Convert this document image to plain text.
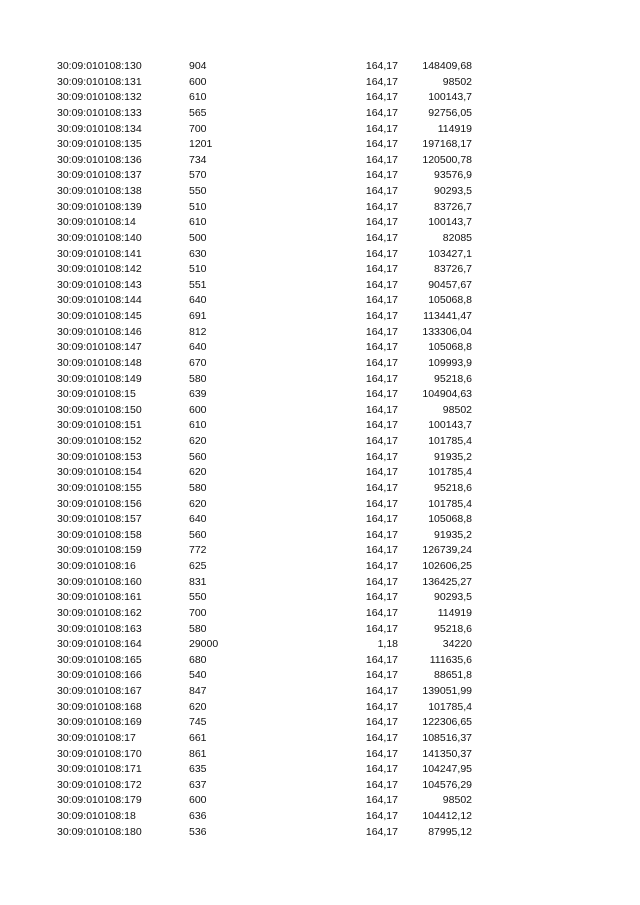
30:09:010108:130	904	164,17	148409,68
30:09:010108:131	600	164,17	98502
30:09:010108:132	610	164,17	100143,7
30:09:010108:133	565	164,17	92756,05
30:09:010108:134	700	164,17	114919
30:09:010108:135	1201	164,17	197168,17
30:09:010108:136	734	164,17	120500,78
30:09:010108:137	570	164,17	93576,9
30:09:010108:138	550	164,17	90293,5
30:09:010108:139	510	164,17	83726,7
30:09:010108:14	610	164,17	100143,7
30:09:010108:140	500	164,17	82085
30:09:010108:141	630	164,17	103427,1
30:09:010108:142	510	164,17	83726,7
30:09:010108:143	551	164,17	90457,67
30:09:010108:144	640	164,17	105068,8
30:09:010108:145	691	164,17	113441,47
30:09:010108:146	812	164,17	133306,04
30:09:010108:147	640	164,17	105068,8
30:09:010108:148	670	164,17	109993,9
30:09:010108:149	580	164,17	95218,6
30:09:010108:15	639	164,17	104904,63
30:09:010108:150	600	164,17	98502
30:09:010108:151	610	164,17	100143,7
30:09:010108:152	620	164,17	101785,4
30:09:010108:153	560	164,17	91935,2
30:09:010108:154	620	164,17	101785,4
30:09:010108:155	580	164,17	95218,6
30:09:010108:156	620	164,17	101785,4
30:09:010108:157	640	164,17	105068,8
30:09:010108:158	560	164,17	91935,2
30:09:010108:159	772	164,17	126739,24
30:09:010108:16	625	164,17	102606,25
30:09:010108:160	831	164,17	136425,27
30:09:010108:161	550	164,17	90293,5
30:09:010108:162	700	164,17	114919
30:09:010108:163	580	164,17	95218,6
30:09:010108:164	29000	1,18	34220
30:09:010108:165	680	164,17	111635,6
30:09:010108:166	540	164,17	88651,8
30:09:010108:167	847	164,17	139051,99
30:09:010108:168	620	164,17	101785,4
30:09:010108:169	745	164,17	122306,65
30:09:010108:17	661	164,17	108516,37
30:09:010108:170	861	164,17	141350,37
30:09:010108:171	635	164,17	104247,95
30:09:010108:172	637	164,17	104576,29
30:09:010108:179	600	164,17	98502
30:09:010108:18	636	164,17	104412,12
30:09:010108:180	536	164,17	87995,12
